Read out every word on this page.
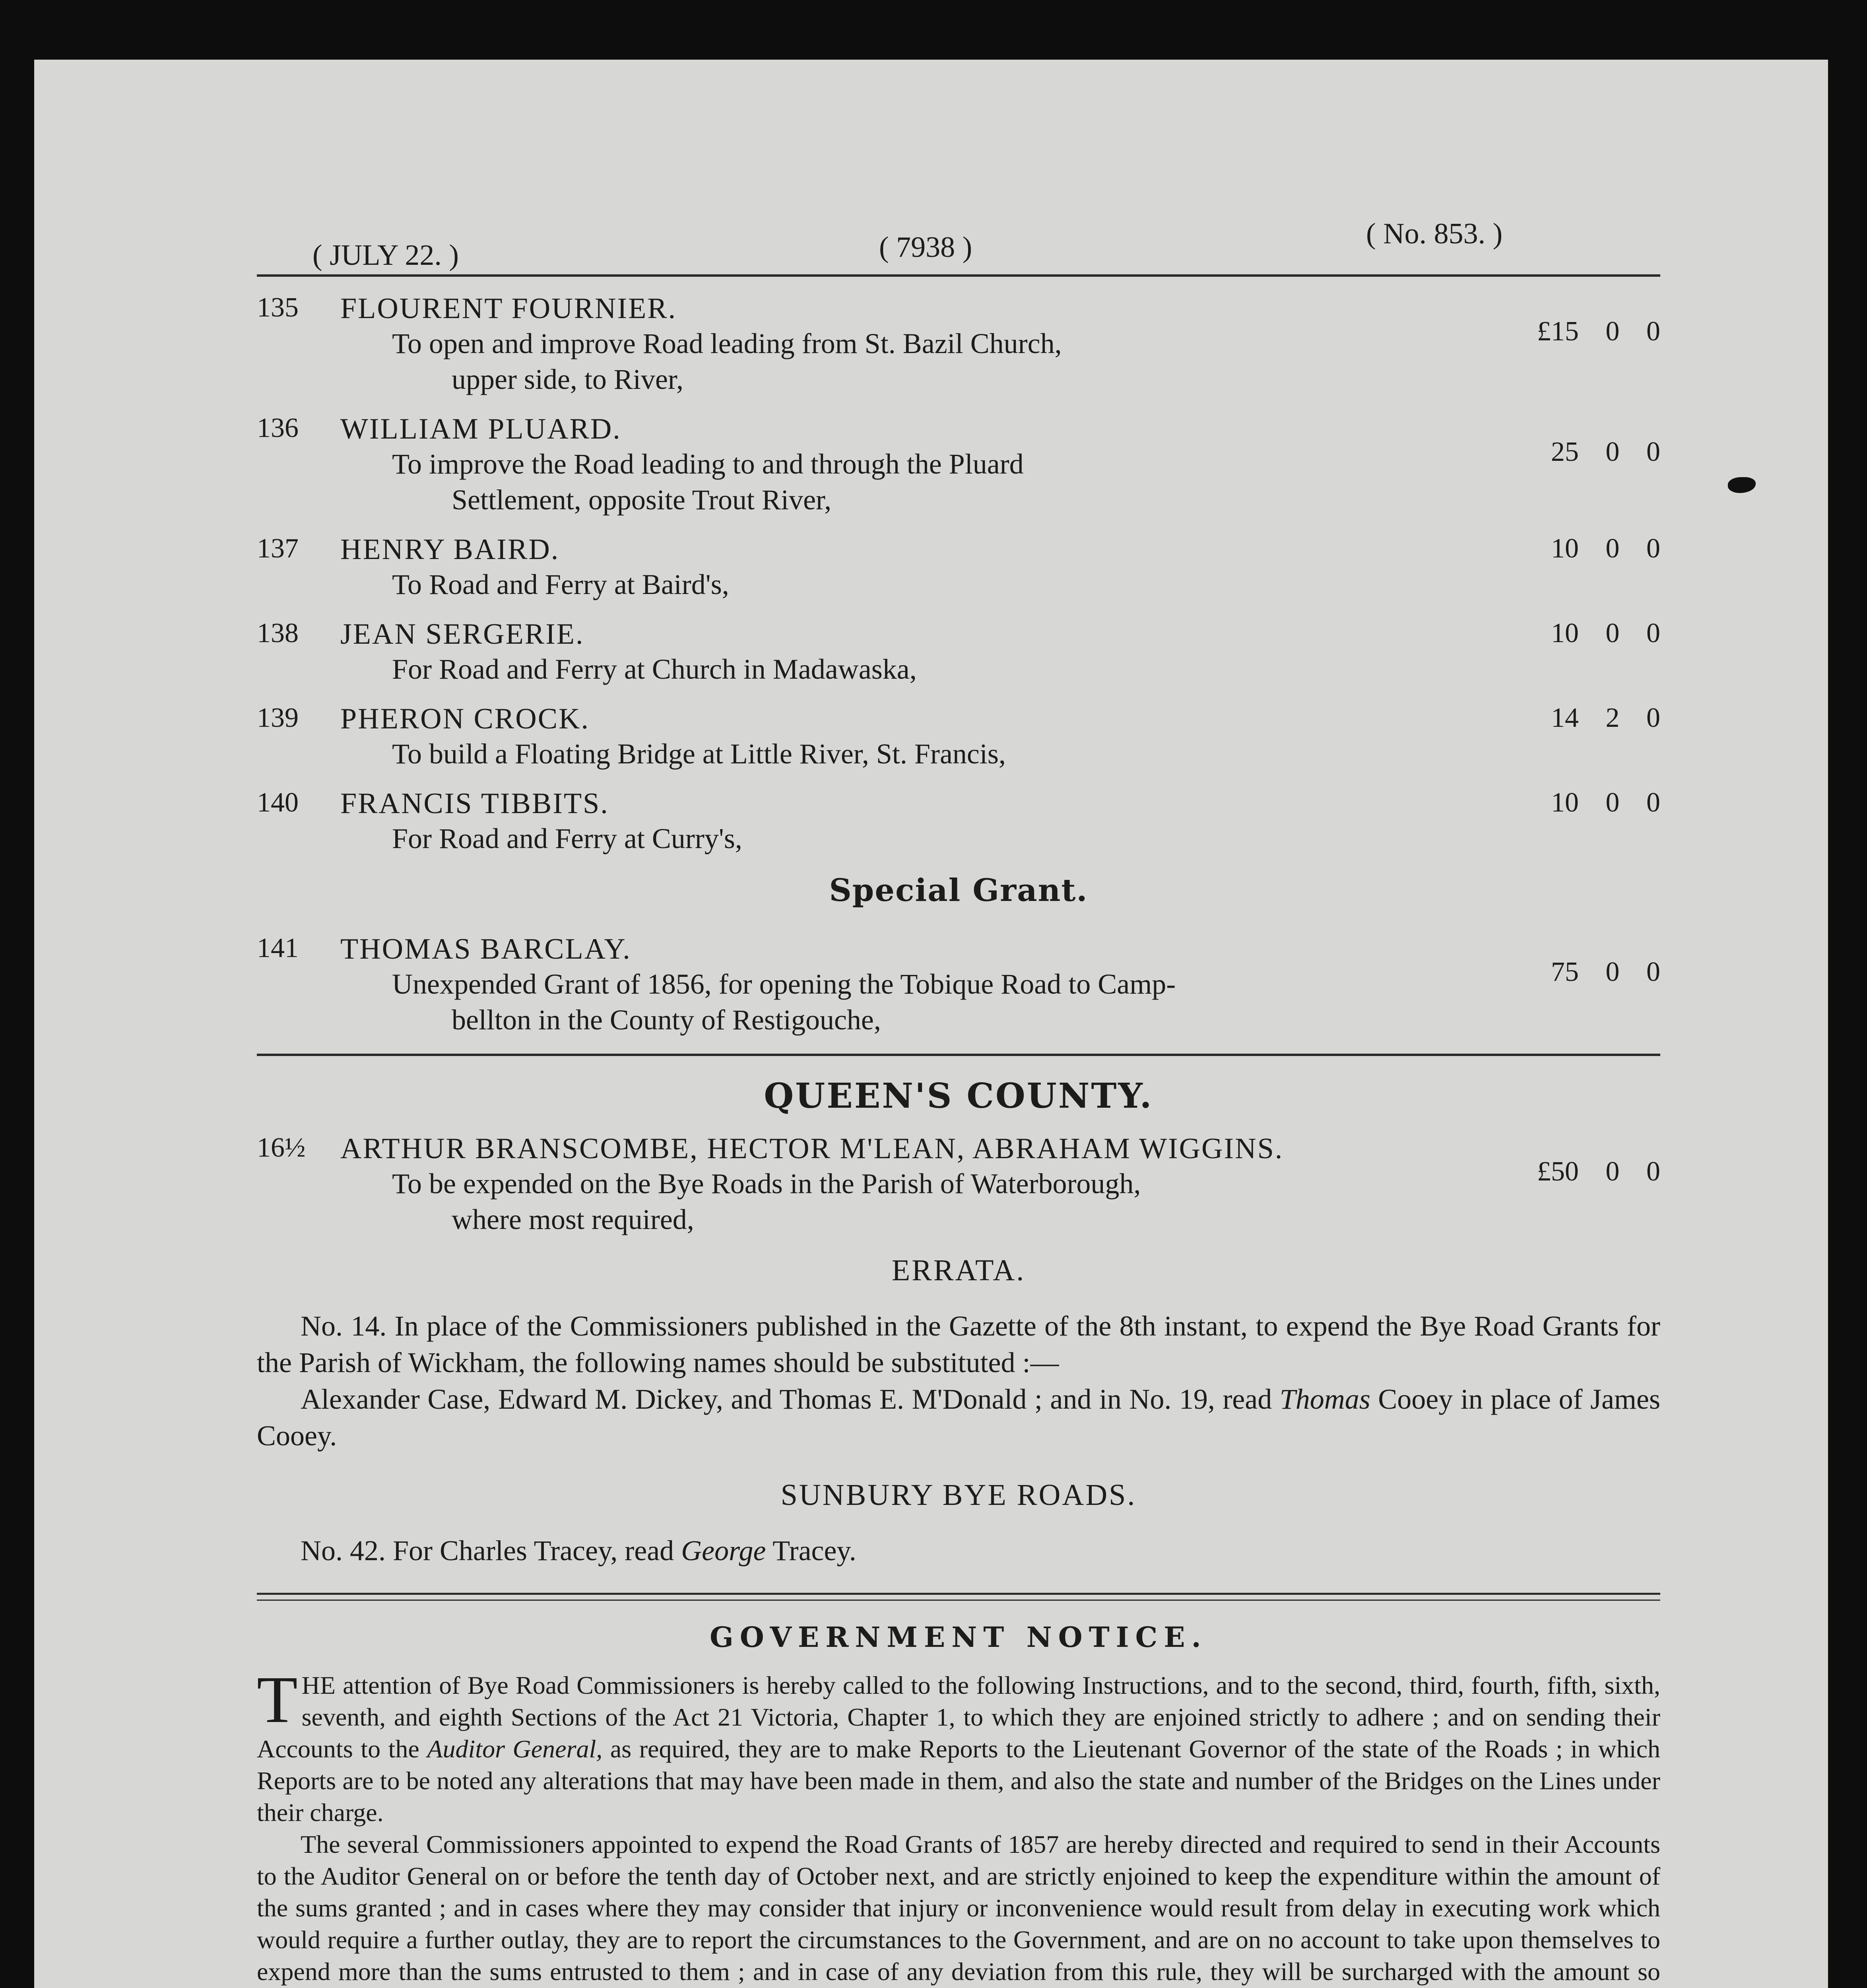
( JULY 22. )	( 7938 )	( No. 853. )
135 FLOURENT FOURNIER.
To open and improve Road leading from St. Bazil Church,
upper side, to River,
£15 0 0
136 WILLIAM PLUARD.
To improve the Road leading to and through the Pluard
Settlement, opposite Trout River,
25 0 0
137 HENRY BAIRD.
To Road and Ferry at Baird's,
10 0 0
138 JEAN SERGERIE.
For Road and Ferry at Church in Madawaska,
10 0 0
139 PHERON CROCK.
To build a Floating Bridge at Little River, St. Francis,
14 2 0
140 FRANCIS TIBBITS.
For Road and Ferry at Curry's,
10 0 0
Special Grant.
141 THOMAS BARCLAY.
Unexpended Grant of 1856, for opening the Tobique Road to Camp-
bellton in the County of Restigouche,
75 0 0
QUEEN'S COUNTY.
16½ ARTHUR BRANSCOMBE, HECTOR M'LEAN, ABRAHAM WIGGINS.
To be expended on the Bye Roads in the Parish of Waterborough,
where most required,
£50 0 0
ERRATA.
No. 14. In place of the Commissioners published in the Gazette of the 8th instant, to expend the Bye Road Grants for the Parish of Wickham, the following names should be substituted :—
Alexander Case, Edward M. Dickey, and Thomas E. M'Donald ; and in No. 19, read Thomas Cooey in place of James Cooey.
SUNBURY BYE ROADS.
No. 42. For Charles Tracey, read George Tracey.
GOVERNMENT NOTICE.

THE attention of Bye Road Commissioners is hereby called to the following Instructions, and to the second, third, fourth, fifth, sixth, seventh, and eighth Sections of the Act 21 Victoria, Chapter 1, to which they are enjoined strictly to adhere ; and on sending their Accounts to the Auditor General, as required, they are to make Reports to the Lieutenant Governor of the state of the Roads ; in which Reports are to be noted any alterations that may have been made in them, and also the state and number of the Bridges on the Lines under their charge.

The several Commissioners appointed to expend the Road Grants of 1857 are hereby directed and required to send in their Accounts to the Auditor General on or before the tenth day of October next, and are strictly enjoined to keep the expenditure within the amount of the sums granted ; and in cases where they may consider that injury or inconvenience would result from delay in executing work which would require a further outlay, they are to report the circumstances to the Government, and are on no account to take upon themselves to expend more than the sums entrusted to them ; and in case of any deviation from this rule, they will be surcharged with the amount so
